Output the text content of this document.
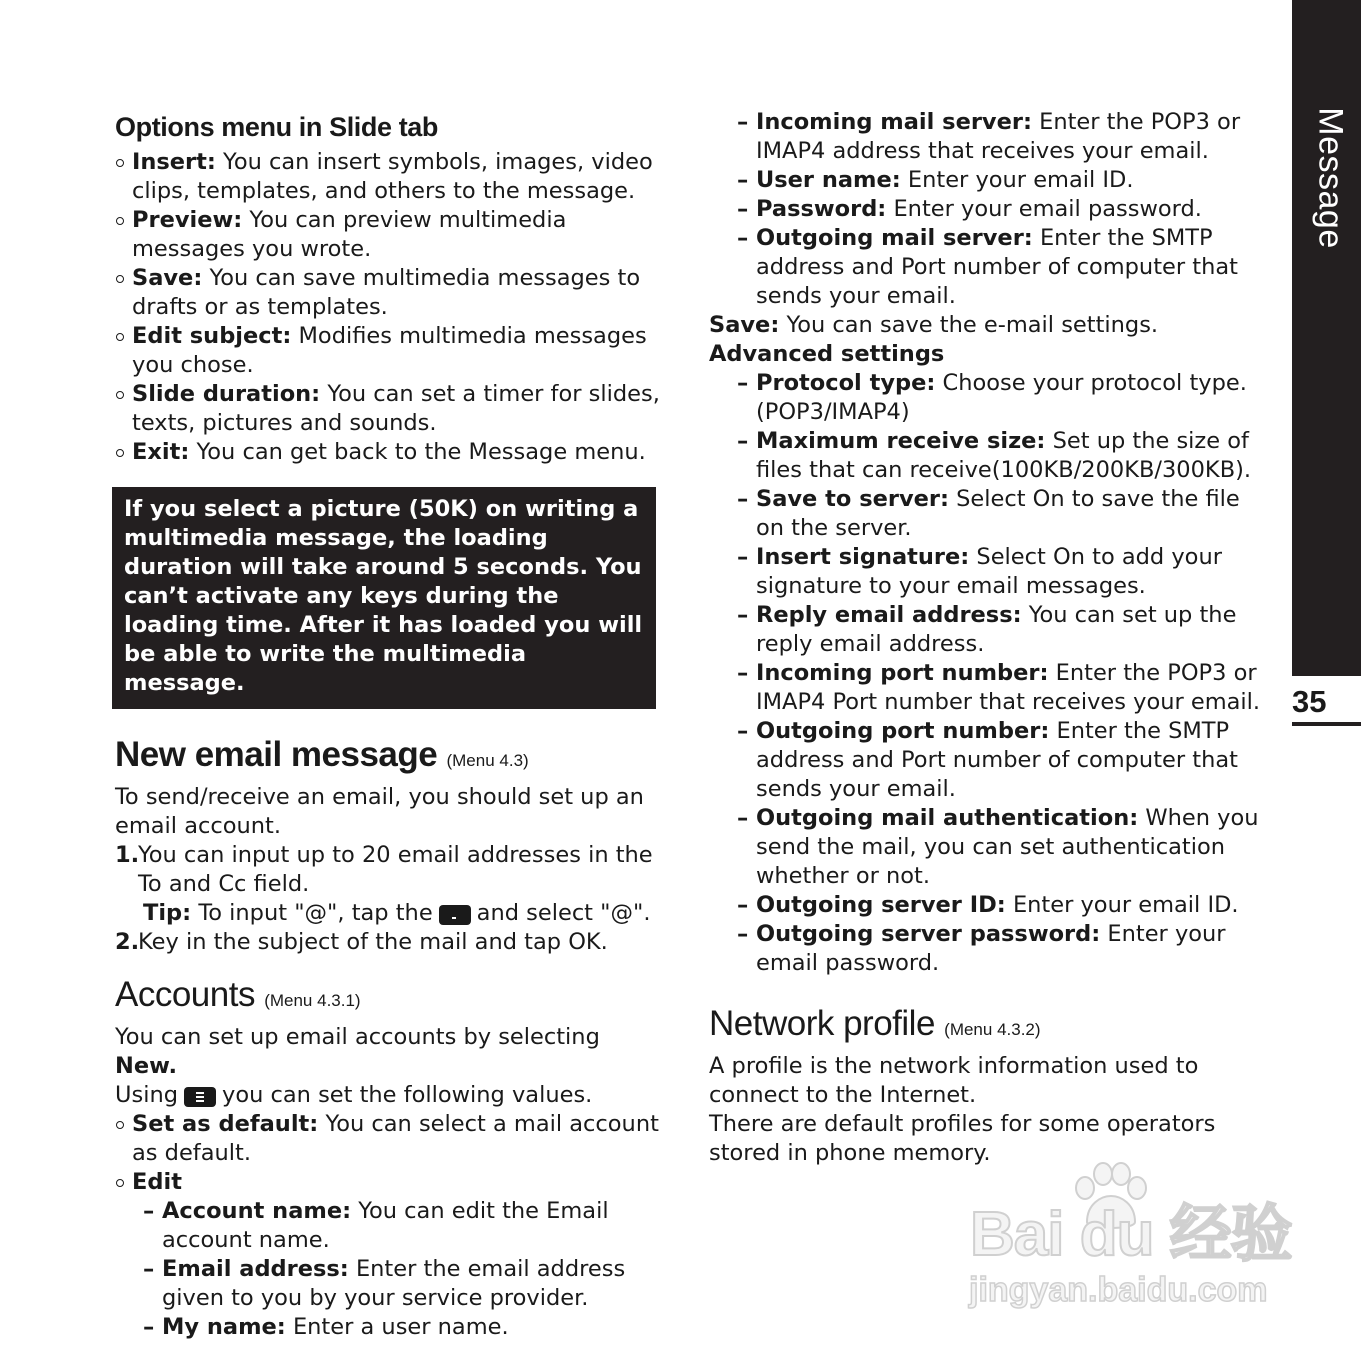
Options menu in Slide tab

Insert: You can insert symbols, images, video clips, templates, and others to the message.

Preview: You can preview multimedia messages you wrote.

Save: You can save multimedia messages to drafts or as templates.

Edit subject: Modifies multimedia messages you chose.

Slide duration: You can set a timer for slides, texts, pictures and sounds.

Exit: You can get back to the Message menu.

If you select a picture (50K) on writing a multimedia message, the loading duration will take around 5 seconds. You can’t activate any keys during the loading time. After it has loaded you will be able to write the multimedia message.
New email message (Menu 4.3)

To send/receive an email, you should set up an email account.

1.
You can input up to 20 email addresses in the To and Cc field.

Tip: To input "@", tap the and select "@".

2.
Key in the subject of the mail and tap OK.

Accounts (Menu 4.3.1)

You can set up email accounts by selecting New.

Using you can set the following values.

Set as default: You can select a mail account as default.

Edit

– Account name: You can edit the Email account name.

– Email address: Enter the email address given to you by your service provider.

– My name: Enter a user name.

– Incoming mail server: Enter the POP3 or IMAP4 address that receives your email.

– User name: Enter your email ID.

– Password: Enter your email password.

– Outgoing mail server: Enter the SMTP address and Port number of computer that sends your email.

Save: You can save the e-mail settings.

Advanced settings

– Protocol type: Choose your protocol type. (POP3/IMAP4)

– Maximum receive size: Set up the size of files that can receive(100KB/200KB/300KB).

– Save to server: Select On to save the file on the server.

– Insert signature: Select On to add your signature to your email messages.

– Reply email address: You can set up the reply email address.

– Incoming port number: Enter the POP3 or IMAP4 Port number that receives your email.

– Outgoing port number: Enter the SMTP address and Port number of computer that sends your email.

– Outgoing mail authentication: When you send the mail, you can set authentication whether or not.

– Outgoing server ID: Enter your email ID.

– Outgoing server password: Enter your email password.

Network profile (Menu 4.3.2)

A profile is the network information used to connect to the Internet.

There are default profiles for some operators stored in phone memory.

Message
35
Bai du 经验
jingyan.baidu.com
